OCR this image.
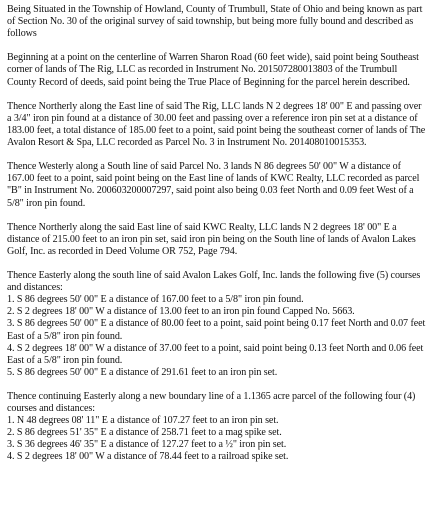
Being Situated in the Township of Howland, County of Trumbull, State of Ohio and being known as part of Section No. 30 of the original survey of said township, but being more fully bound and described as follows

Beginning at a point on the centerline of Warren Sharon Road (60 feet wide), said point being Southeast corner of lands of The Rig, LLC as recorded in Instrument No. 201507280013803 of the Trumbull County Record of deeds, said point being the True Place of Beginning for the parcel herein described.

Thence Northerly along the East line of said The Rig, LLC lands N 2 degrees 18' 00" E and passing over a 3/4" iron pin found at a distance of 30.00 feet and passing over a reference iron pin set at a distance of 183.00 feet, a total distance of 185.00 feet to a point, said point being the southeast corner of lands of The Avalon Resort & Spa, LLC recorded as Parcel No. 3 in Instrument No. 201408010015353.

Thence Westerly along a South line of said Parcel No. 3 lands N 86 degrees 50' 00" W a distance of 167.00 feet to a point, said point being on the East line of lands of KWC Realty, LLC recorded as parcel "B" in Instrument No. 200603200007297, said point also being 0.03 feet North and 0.09 feet West of a 5/8" iron pin found.

Thence Northerly along the said East line of said KWC Realty, LLC lands N 2 degrees 18' 00" E a distance of 215.00 feet to an iron pin set, said iron pin being on the South line of lands of Avalon Lakes Golf, Inc. as recorded in Deed Volume OR 752, Page 794.

Thence Easterly along the south line of said Avalon Lakes Golf, Inc. lands the following five (5) courses and distances:
1. S 86 degrees 50' 00" E a distance of 167.00 feet to a 5/8" iron pin found.
2. S 2 degrees 18' 00" W a distance of 13.00 feet to an iron pin found Capped No. 5663.
3. S 86 degrees 50' 00" E a distance of 80.00 feet to a point, said point being 0.17 feet North and 0.07 feet East of a 5/8" iron pin found.
4. S 2 degrees 18' 00" W a distance of 37.00 feet to a point, said point being 0.13 feet North and 0.06 feet East of a 5/8" iron pin found.
5. S 86 degrees 50' 00" E a distance of 291.61 feet to an iron pin set.
Thence continuing Easterly along a new boundary line of a 1.1365 acre parcel of the following four (4) courses and distances:
1. N 48 degrees 08' 11" E a distance of 107.27 feet to an iron pin set.
2. S 86 degrees 51' 35" E a distance of 258.71 feet to a mag spike set.
3. S 36 degrees 46' 35" E a distance of 127.27 feet to a ½" iron pin set.
4. S 2 degrees 18' 00" W a distance of 78.44 feet to a railroad spike set.
